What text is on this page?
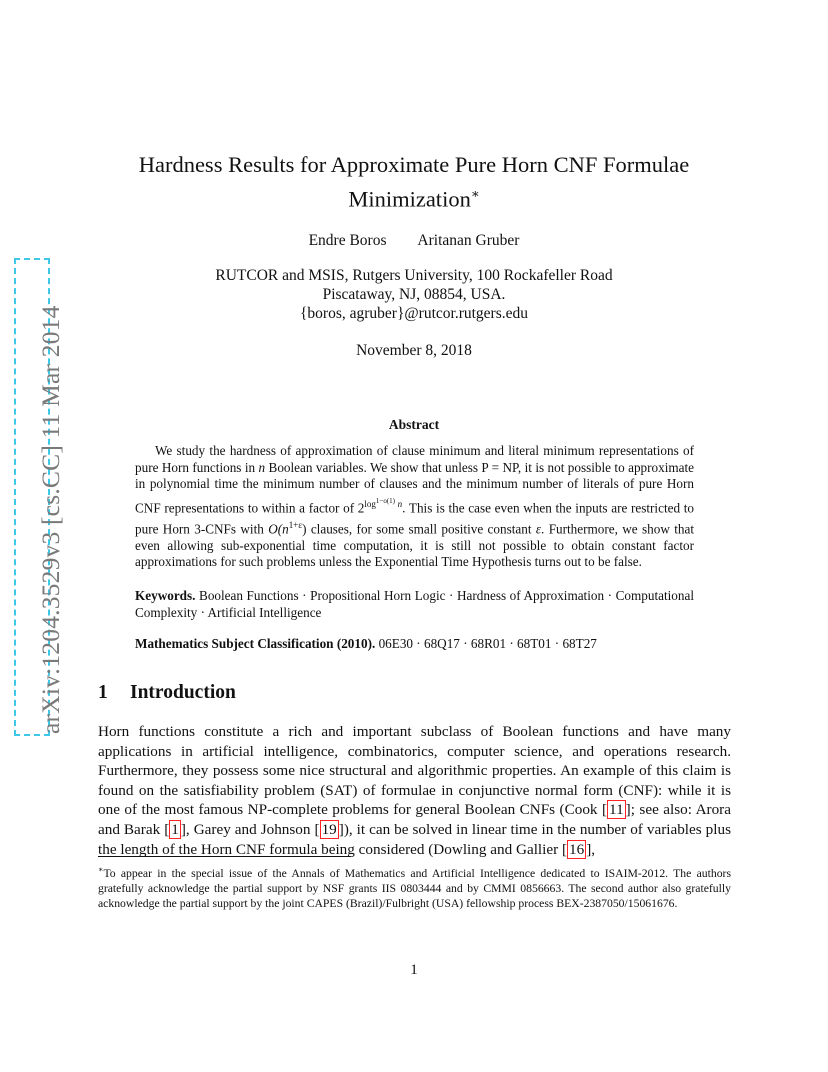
arXiv:1204.3529v3 [cs.CC] 11 Mar 2014
Hardness Results for Approximate Pure Horn CNF Formulae
Minimization∗
Endre Boros Aritanan Gruber
RUTCOR and MSIS, Rutgers University, 100 Rockafeller Road
Piscataway, NJ, 08854, USA.
{boros, agruber}@rutcor.rutgers.edu
November 8, 2018
Abstract
We study the hardness of approximation of clause minimum and literal minimum representations of pure Horn functions in n Boolean variables. We show that unless P = NP, it is not possible to approximate in polynomial time the minimum number of clauses and the minimum number of literals of pure Horn CNF representations to within a factor of $2^{log^{1-o(1)} n}$. This is the case even when the inputs are restricted to pure Horn 3-CNFs with $O(n^{1+\varepsilon})$ clauses, for some small positive constant ε. Furthermore, we show that even allowing sub-exponential time computation, it is still not possible to obtain constant factor approximations for such problems unless the Exponential Time Hypothesis turns out to be false.
Keywords. Boolean Functions · Propositional Horn Logic · Hardness of Approximation · Computational Complexity · Artificial Intelligence
Mathematics Subject Classification (2010). 06E30 · 68Q17 · 68R01 · 68T01 · 68T27
1 Introduction
Horn functions constitute a rich and important subclass of Boolean functions and have many applications in artificial intelligence, combinatorics, computer science, and operations research. Furthermore, they possess some nice structural and algorithmic properties. An example of this claim is found on the satisfiability problem (SAT) of formulae in conjunctive normal form (CNF): while it is one of the most famous NP-complete problems for general Boolean CNFs (Cook [ 11 ]; see also: Arora and Barak [ 1 ], Garey and Johnson [ 19 ]), it can be solved in linear time in the number of variables plus the length of the Horn CNF formula being considered (Dowling and Gallier [ 16 ],
∗To appear in the special issue of the Annals of Mathematics and Artificial Intelligence dedicated to ISAIM-2012. The authors gratefully acknowledge the partial support by NSF grants IIS 0803444 and by CMMI 0856663. The second author also gratefully acknowledge the partial support by the joint CAPES (Brazil)/Fulbright (USA) fellowship process BEX-2387050/15061676.
1
